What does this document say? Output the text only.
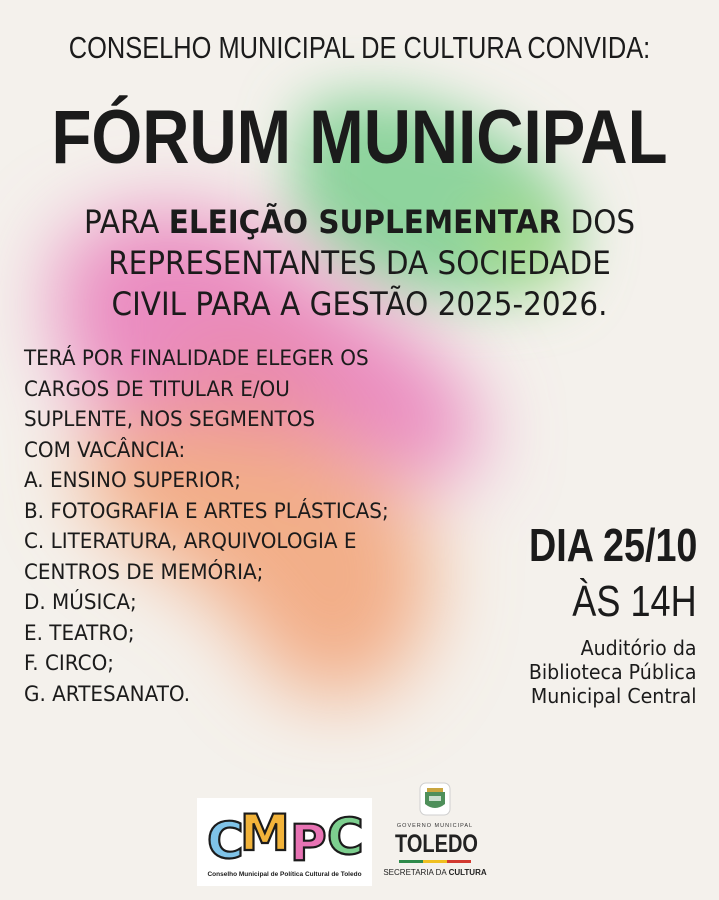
CONSELHO MUNICIPAL DE CULTURA CONVIDA:
FÓRUM MUNICIPAL
PARA ELEIÇÃO SUPLEMENTAR DOS
REPRESENTANTES DA SOCIEDADE
CIVIL PARA A GESTÃO 2025-2026.
TERÁ POR FINALIDADE ELEGER OS
CARGOS DE TITULAR E/OU
SUPLENTE, NOS SEGMENTOS
COM VACÂNCIA:
A. ENSINO SUPERIOR;
B. FOTOGRAFIA E ARTES PLÁSTICAS;
C. LITERATURA, ARQUIVOLOGIA E
CENTROS DE MEMÓRIA;
D. MÚSICA;
E. TEATRO;
F. CIRCO;
G. ARTESANATO.
DIA 25/10
ÀS 14H
Auditório da
Biblioteca Pública
Municipal Central
C
M P C
Conselho Municipal de Política Cultural de Toledo
GOVERNO MUNICIPAL
TOLEDO
SECRETARIA DA CULTURA
